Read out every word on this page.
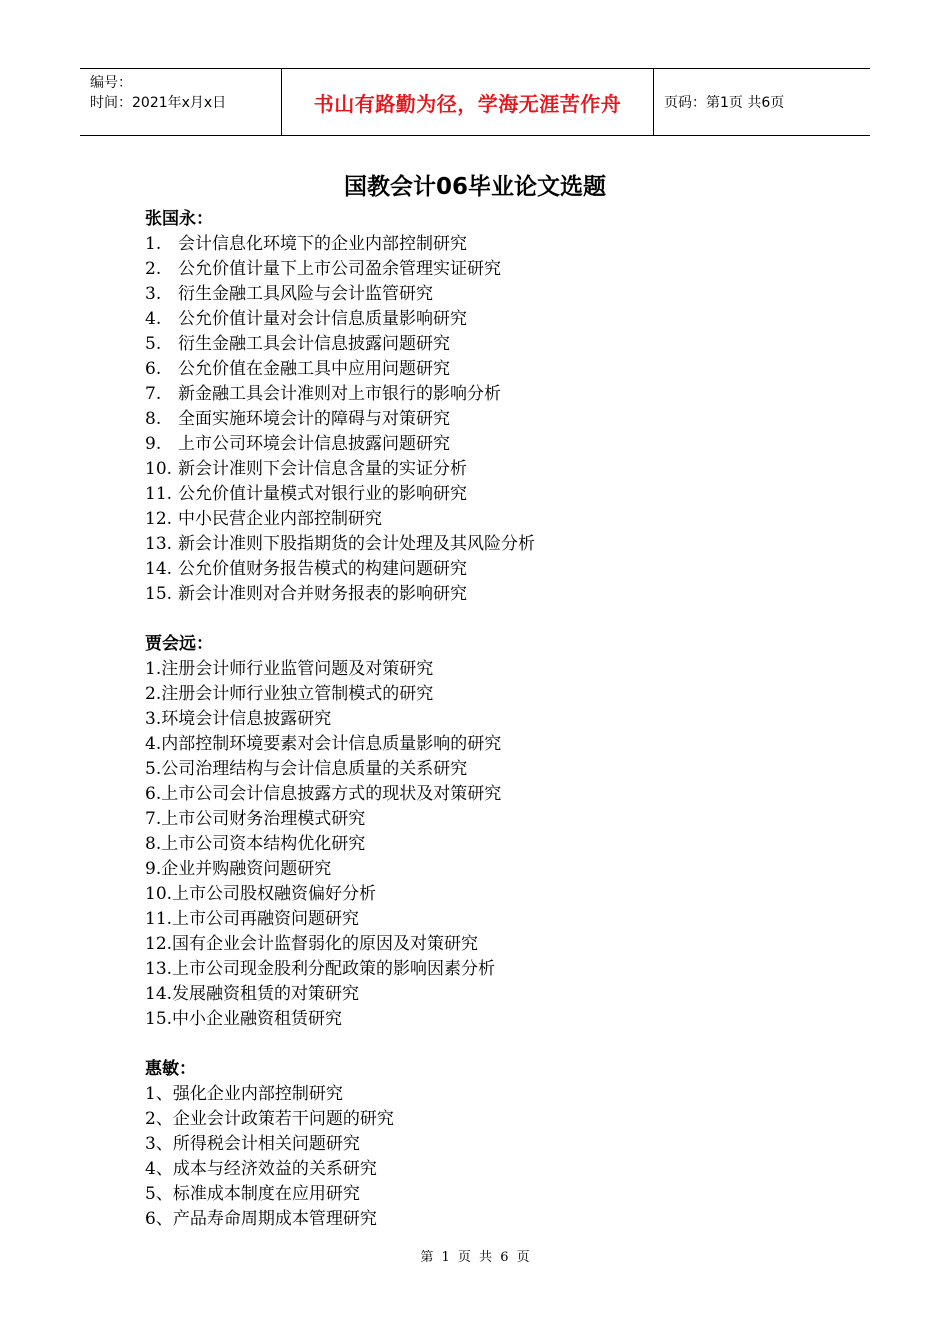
编号：
时间：2021年x月x日	书山有路勤为径，学海无涯苦作舟	页码：第1页 共6页
国教会计06毕业论文选题
张国永：
1. 会计信息化环境下的企业内部控制研究
2. 公允价值计量下上市公司盈余管理实证研究
3. 衍生金融工具风险与会计监管研究
4. 公允价值计量对会计信息质量影响研究
5. 衍生金融工具会计信息披露问题研究
6. 公允价值在金融工具中应用问题研究
7. 新金融工具会计准则对上市银行的影响分析
8. 全面实施环境会计的障碍与对策研究
9. 上市公司环境会计信息披露问题研究
10. 新会计准则下会计信息含量的实证分析
11. 公允价值计量模式对银行业的影响研究
12. 中小民营企业内部控制研究
13. 新会计准则下股指期货的会计处理及其风险分析
14. 公允价值财务报告模式的构建问题研究
15. 新会计准则对合并财务报表的影响研究
贾会远：
1.注册会计师行业监管问题及对策研究
2.注册会计师行业独立管制模式的研究
3.环境会计信息披露研究
4.内部控制环境要素对会计信息质量影响的研究
5.公司治理结构与会计信息质量的关系研究
6.上市公司会计信息披露方式的现状及对策研究
7.上市公司财务治理模式研究
8.上市公司资本结构优化研究
9.企业并购融资问题研究
10.上市公司股权融资偏好分析
11.上市公司再融资问题研究
12.国有企业会计监督弱化的原因及对策研究
13.上市公司现金股利分配政策的影响因素分析
14.发展融资租赁的对策研究
15.中小企业融资租赁研究
惠敏：
1、强化企业内部控制研究
2、企业会计政策若干问题的研究
3、所得税会计相关问题研究
4、成本与经济效益的关系研究
5、标准成本制度在应用研究
6、产品寿命周期成本管理研究
第 1 页 共 6 页
